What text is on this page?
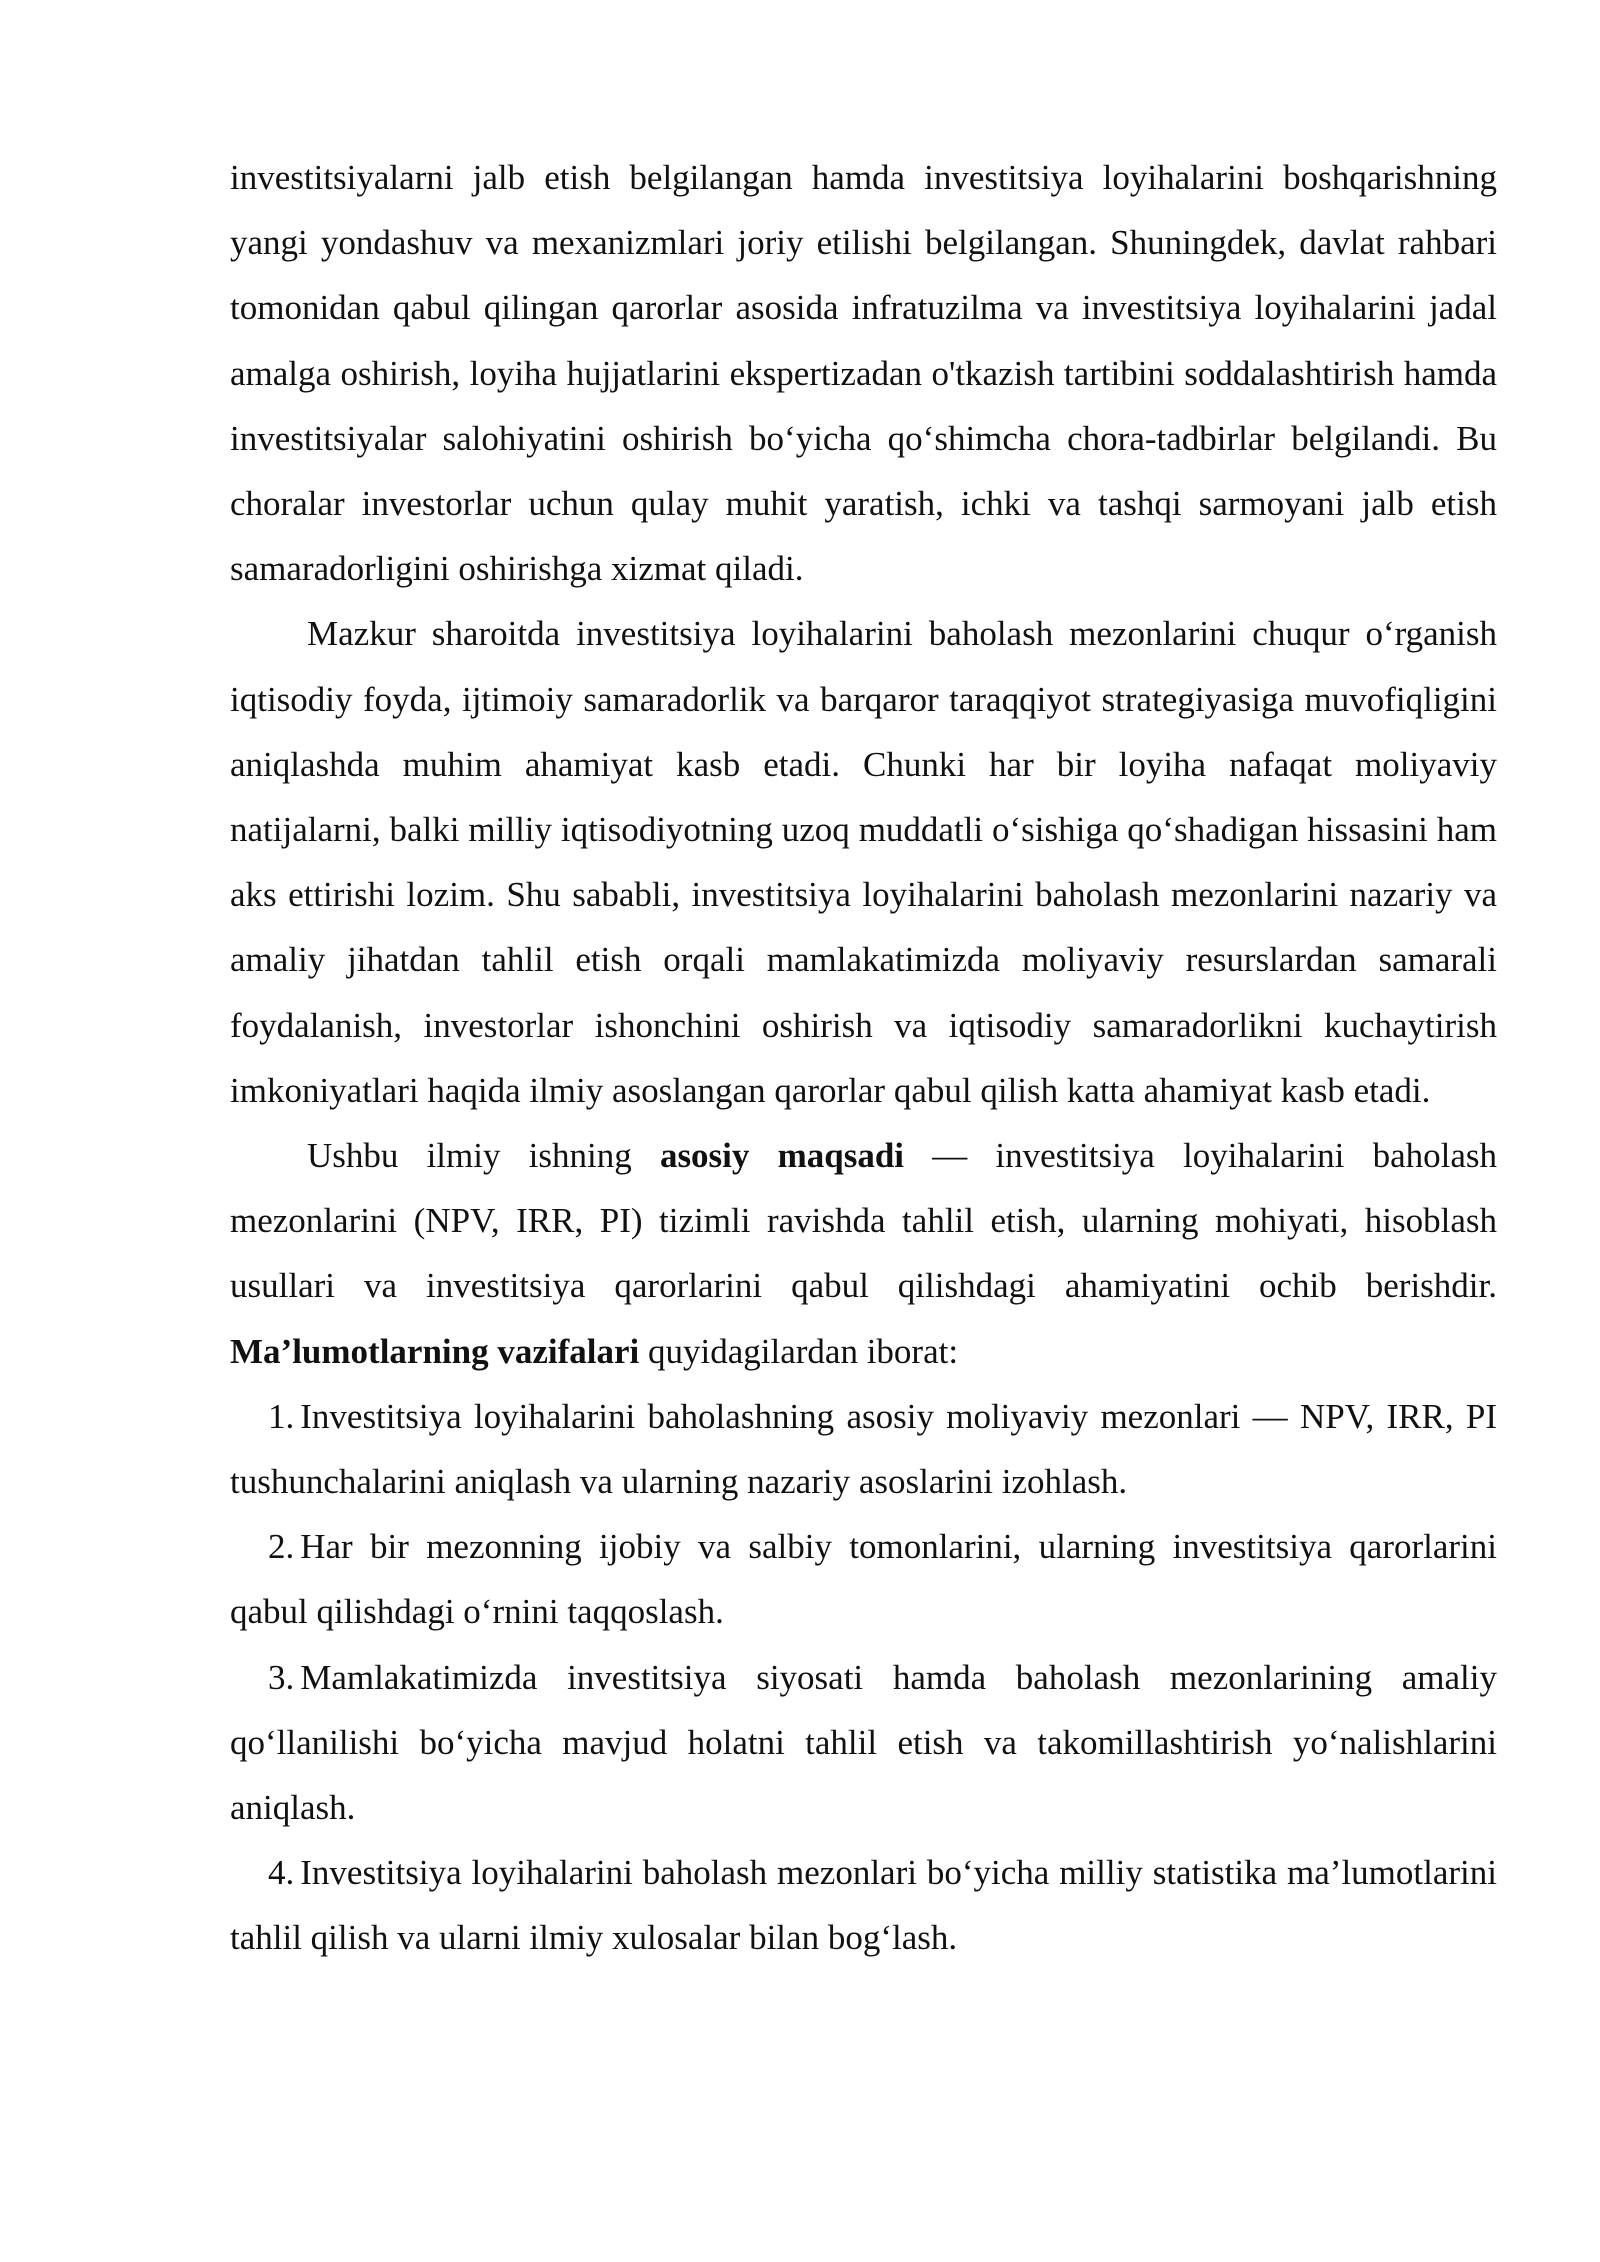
investitsiyalarni jalb etish belgilangan hamda investitsiya loyihalarini boshqarishning yangi yondashuv va mexanizmlari joriy etilishi belgilangan. Shuningdek, davlat rahbari tomonidan qabul qilingan qarorlar asosida infratuzilma va investitsiya loyihalarini jadal amalga oshirish, loyiha hujjatlarini ekspertizadan o'tkazish tartibini soddalashtirish hamda investitsiyalar salohiyatini oshirish bo‘yicha qo‘shimcha chora-tadbirlar belgilandi. Bu choralar investorlar uchun qulay muhit yaratish, ichki va tashqi sarmoyani jalb etish samaradorligini oshirishga xizmat qiladi.

Mazkur sharoitda investitsiya loyihalarini baholash mezonlarini chuqur o‘rganish iqtisodiy foyda, ijtimoiy samaradorlik va barqaror taraqqiyot strategiyasiga muvofiqligini aniqlashda muhim ahamiyat kasb etadi. Chunki har bir loyiha nafaqat moliyaviy natijalarni, balki milliy iqtisodiyotning uzoq muddatli o‘sishiga qo‘shadigan hissasini ham aks ettirishi lozim. Shu sababli, investitsiya loyihalarini baholash mezonlarini nazariy va amaliy jihatdan tahlil etish orqali mamlakatimizda moliyaviy resurslardan samarali foydalanish, investorlar ishonchini oshirish va iqtisodiy samaradorlikni kuchaytirish imkoniyatlari haqida ilmiy asoslangan qarorlar qabul qilish katta ahamiyat kasb etadi.

Ushbu ilmiy ishning asosiy maqsadi — investitsiya loyihalarini baholash mezonlarini (NPV, IRR, PI) tizimli ravishda tahlil etish, ularning mohiyati, hisoblash usullari va investitsiya qarorlarini qabul qilishdagi ahamiyatini ochib berishdir. Ma’lumotlarning vazifalari quyidagilardan iborat:

1. Investitsiya loyihalarini baholashning asosiy moliyaviy mezonlari — NPV, IRR, PI tushunchalarini aniqlash va ularning nazariy asoslarini izohlash.

2. Har bir mezonning ijobiy va salbiy tomonlarini, ularning investitsiya qarorlarini qabul qilishdagi o‘rnini taqqoslash.

3. Mamlakatimizda investitsiya siyosati hamda baholash mezonlarining amaliy qo‘llanilishi bo‘yicha mavjud holatni tahlil etish va takomillashtirish yo‘nalishlarini aniqlash.

4. Investitsiya loyihalarini baholash mezonlari bo‘yicha milliy statistika ma’lumotlarini tahlil qilish va ularni ilmiy xulosalar bilan bog‘lash.
